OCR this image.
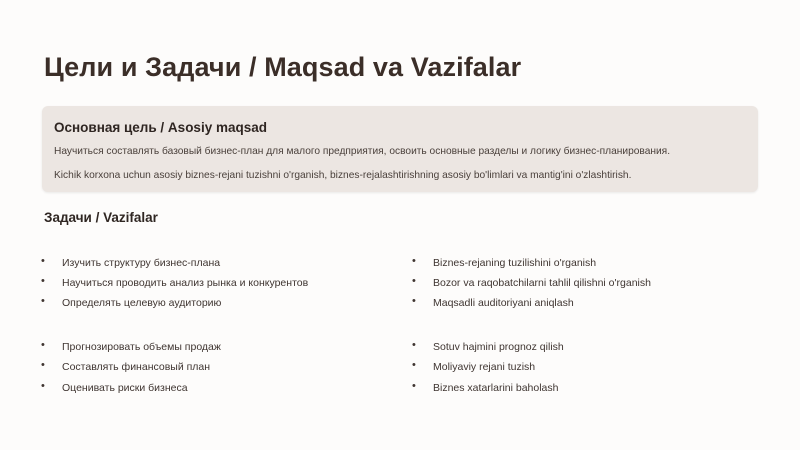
Цели и Задачи / Maqsad va Vazifalar
Основная цель / Asosiy maqsad
Научиться составлять базовый бизнес-план для малого предприятия, освоить основные разделы и логику бизнес-планирования.
Kichik korxona uchun asosiy biznes-rejani tuzishni o'rganish, biznes-rejalashtirishning asosiy bo'limlari va mantig'ini o'zlashtirish.
Задачи / Vazifalar
• Изучить структуру бизнес-плана
• Научиться проводить анализ рынка и конкурентов
• Определять целевую аудиторию
• Прогнозировать объемы продаж
• Составлять финансовый план
• Оценивать риски бизнеса
• Biznes-rejaning tuzilishini o'rganish
• Bozor va raqobatchilarni tahlil qilishni o'rganish
• Maqsadli auditoriyani aniqlash
• Sotuv hajmini prognoz qilish
• Moliyaviy rejani tuzish
• Biznes xatarlarini baholash
